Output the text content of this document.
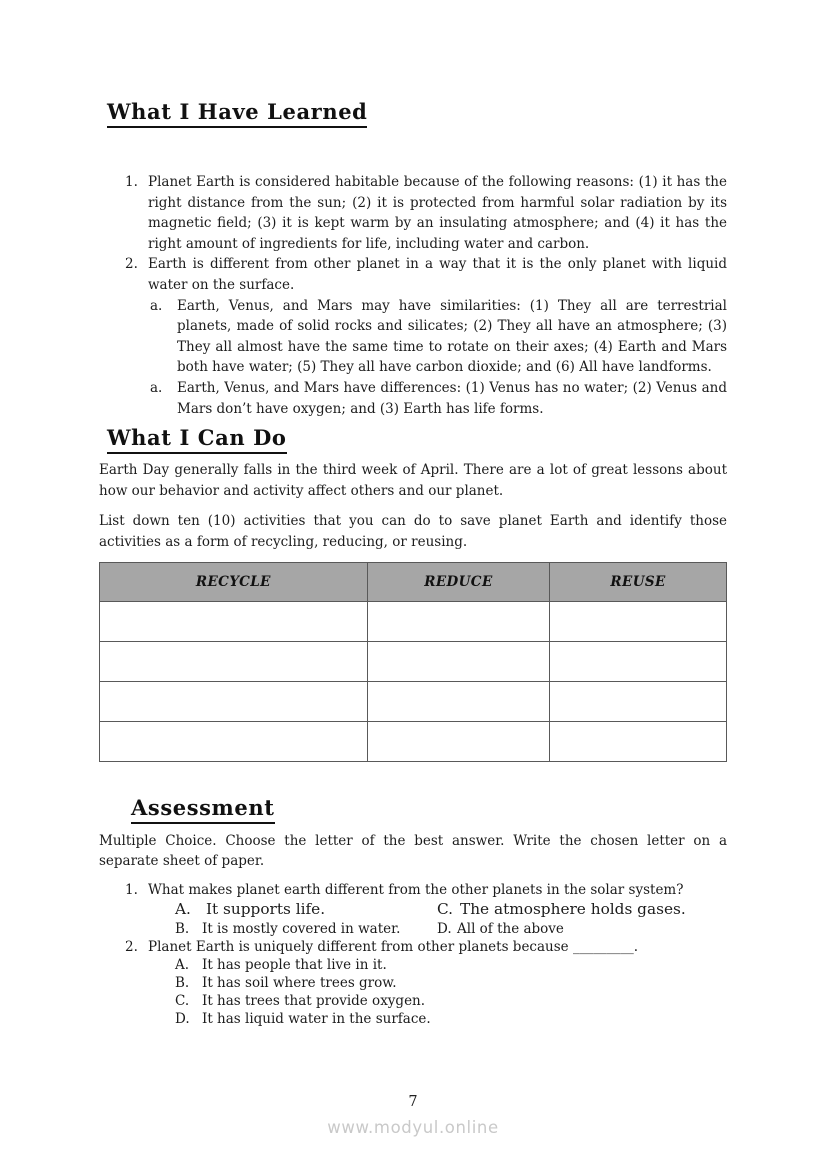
What I Have Learned
1. Planet Earth is considered habitable because of the following reasons: (1) it has the right distance from the sun; (2) it is protected from harmful solar radiation by its magnetic field; (3) it is kept warm by an insulating atmosphere; and (4) it has the right amount of ingredients for life, including water and carbon.
2. Earth is different from other planet in a way that it is the only planet with liquid water on the surface.
a.	Earth, Venus, and Mars may have similarities: (1) They all are terrestrial planets, made of solid rocks and silicates; (2) They all have an atmosphere; (3) They all almost have the same time to rotate on their axes; (4) Earth and Mars both have water; (5) They all have carbon dioxide; and (6) All have landforms.
a.	Earth, Venus, and Mars have differences: (1) Venus has no water; (2) Venus and Mars don’t have oxygen; and (3) Earth has life forms.
What I Can Do
Earth Day generally falls in the third week of April. There are a lot of great lessons about how our behavior and activity affect others and our planet.
List down ten (10) activities that you can do to save planet Earth and identify those activities as a form of recycling, reducing, or reusing.
RECYCLE	REDUCE	REUSE

Assessment
Multiple Choice. Choose the letter of the best answer. Write the chosen letter on a separate sheet of paper.
1. What makes planet earth different from the other planets in the solar system?
A. It supports life.	C. The atmosphere holds gases.
B. It is mostly covered in water.	D. All of the above
2. Planet Earth is uniquely different from other planets because _________.
A. It has people that live in it.
B. It has soil where trees grow.
C. It has trees that provide oxygen.
D. It has liquid water in the surface.
7
www.modyul.online
